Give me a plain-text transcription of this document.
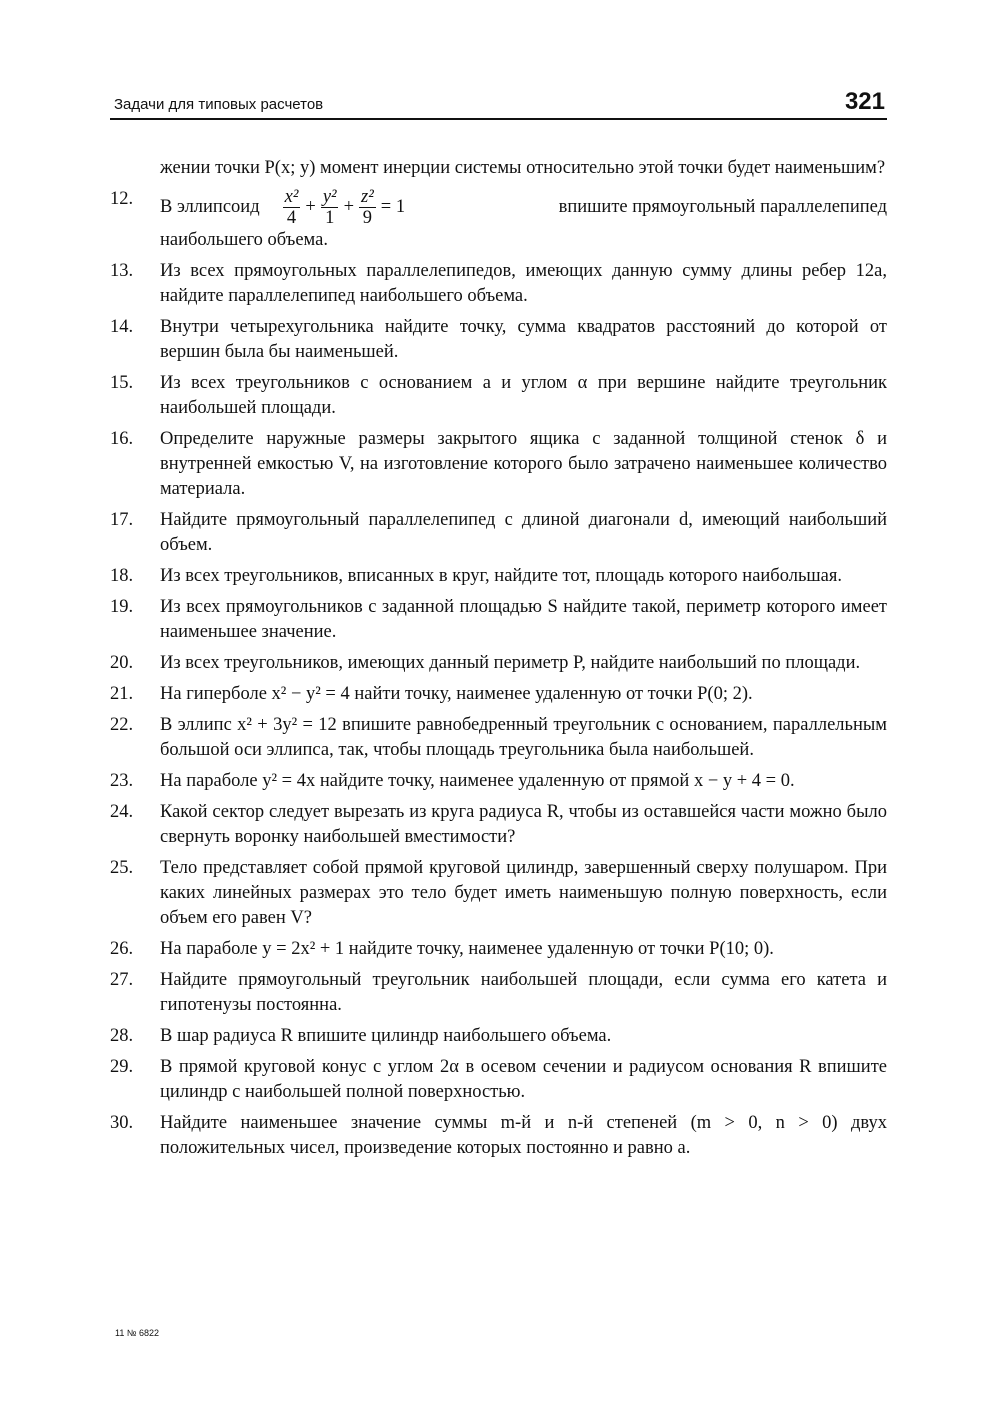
Задачи для типовых расчетов	321
жении точки P(x; y) момент инерции системы относительно этой точки будет наименьшим?
12.	В эллипсоид $\frac{\text{x²}}{4} + \frac{\text{y²}}{1} + \frac{\text{z²}}{9} = 1$	впишите прямоугольный параллелепипед
наибольшего объема.
13.	Из всех прямоугольных параллелепипедов, имеющих данную сумму длины ребер 12a, найдите параллелепипед наибольшего объема.
14.	Внутри четырехугольника найдите точку, сумма квадратов расстояний до которой от вершин была бы наименьшей.
15.	Из всех треугольников с основанием a и углом α при вершине найдите треугольник наибольшей площади.
16.	Определите наружные размеры закрытого ящика с заданной толщиной стенок δ и внутренней емкостью V, на изготовление которого было затрачено наименьшее количество материала.
17.	Найдите прямоугольный параллелепипед с длиной диагонали d, имеющий наибольший объем.
18.	Из всех треугольников, вписанных в круг, найдите тот, площадь которого наибольшая.
19.	Из всех прямоугольников с заданной площадью S найдите такой, периметр которого имеет наименьшее значение.
20.	Из всех треугольников, имеющих данный периметр P, найдите наибольший по площади.
21.	На гиперболе x² − y² = 4 найти точку, наименее удаленную от точки P(0; 2).
22.	В эллипс x² + 3y² = 12 впишите равнобедренный треугольник с основанием, параллельным большой оси эллипса, так, чтобы площадь треугольника была наибольшей.
23.	На параболе y² = 4x найдите точку, наименее удаленную от прямой x − y + 4 = 0.
24.	Какой сектор следует вырезать из круга радиуса R, чтобы из оставшейся части можно было свернуть воронку наибольшей вместимости?
25.	Тело представляет собой прямой круговой цилиндр, завершенный сверху полушаром. При каких линейных размерах это тело будет иметь наименьшую полную поверхность, если объем его равен V?
26.	На параболе y = 2x² + 1 найдите точку, наименее удаленную от точки P(10; 0).
27.	Найдите прямоугольный треугольник наибольшей площади, если сумма его катета и гипотенузы постоянна.
28.	В шар радиуса R впишите цилиндр наибольшего объема.
29.	В прямой круговой конус с углом 2α в осевом сечении и радиусом основания R впишите цилиндр с наибольшей полной поверхностью.
30.	Найдите наименьшее значение суммы m-й и n-й степеней (m > 0, n > 0) двух положительных чисел, произведение которых постоянно и равно a.
11 № 6822
